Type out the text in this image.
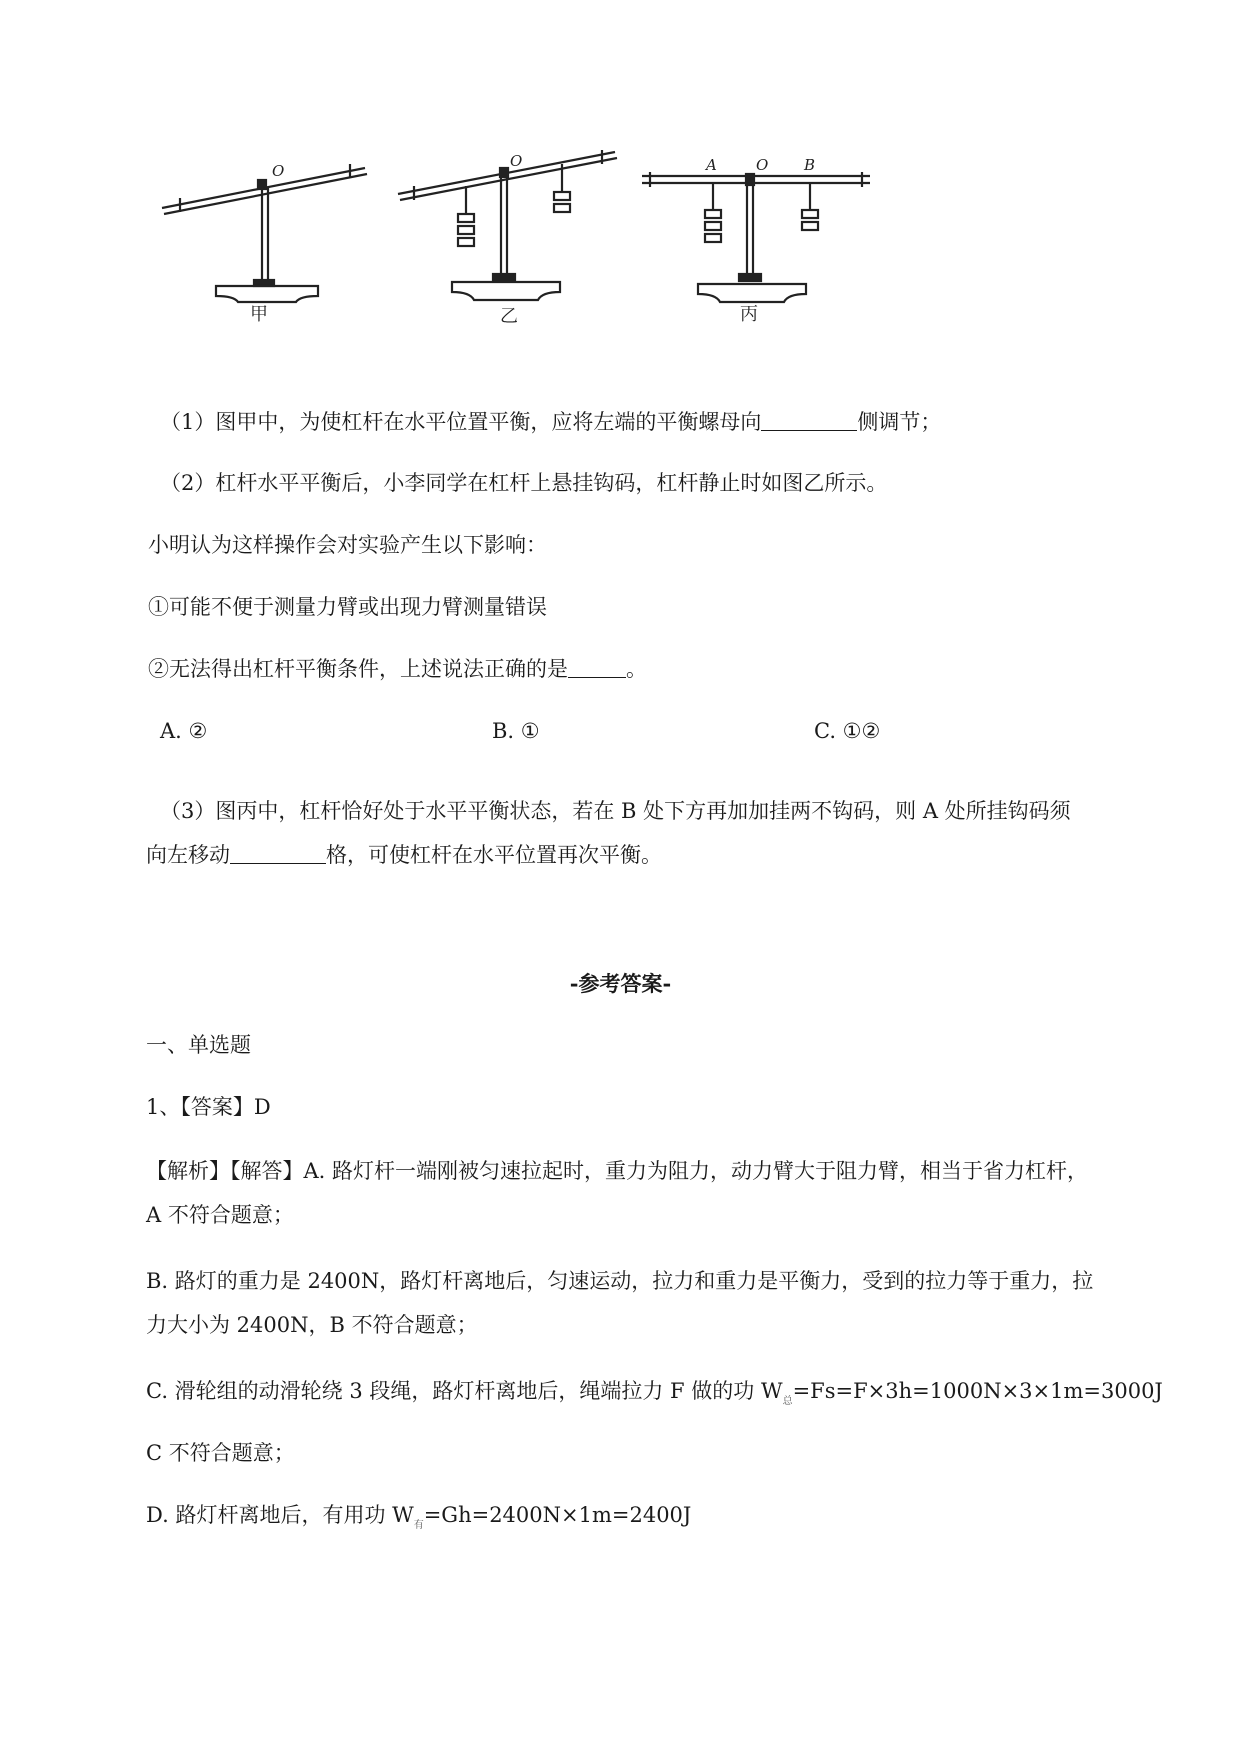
O
O	O
A	B
甲	乙	丙
（1）图甲中，为使杠杆在水平位置平衡，应将左端的平衡螺母向	侧调节；
（2）杠杆水平平衡后，小李同学在杠杆上悬挂钩码，杠杆静止时如图乙所示。
小明认为这样操作会对实验产生以下影响：
①可能不便于测量力臂或出现力臂测量错误
②无法得出杠杆平衡条件，上述说法正确的是	。
A. ②	B. ①	C. ①②
（3）图丙中，杠杆恰好处于水平平衡状态，若在 B 处下方再加加挂两不钩码，则 A 处所挂钩码须
向左移动	格，可使杠杆在水平位置再次平衡。
-参考答案-
一、单选题
1、【答案】D
【解析】【解答】A. 路灯杆一端刚被匀速拉起时，重力为阻力，动力臂大于阻力臂，相当于省力杠杆，
A 不符合题意；
B. 路灯的重力是 2400N，路灯杆离地后，匀速运动，拉力和重力是平衡力，受到的拉力等于重力，拉
力大小为 2400N，B 不符合题意；
C. 滑轮组的动滑轮绕 3 段绳，路灯杆离地后，绳端拉力 F 做的功 $W_总=Fs=F\times 3h=1000N\times 3\times 1m=3000J$
C 不符合题意；
D. 路灯杆离地后，有用功 $W_有=Gh=2400N\times 1m=2400J$
